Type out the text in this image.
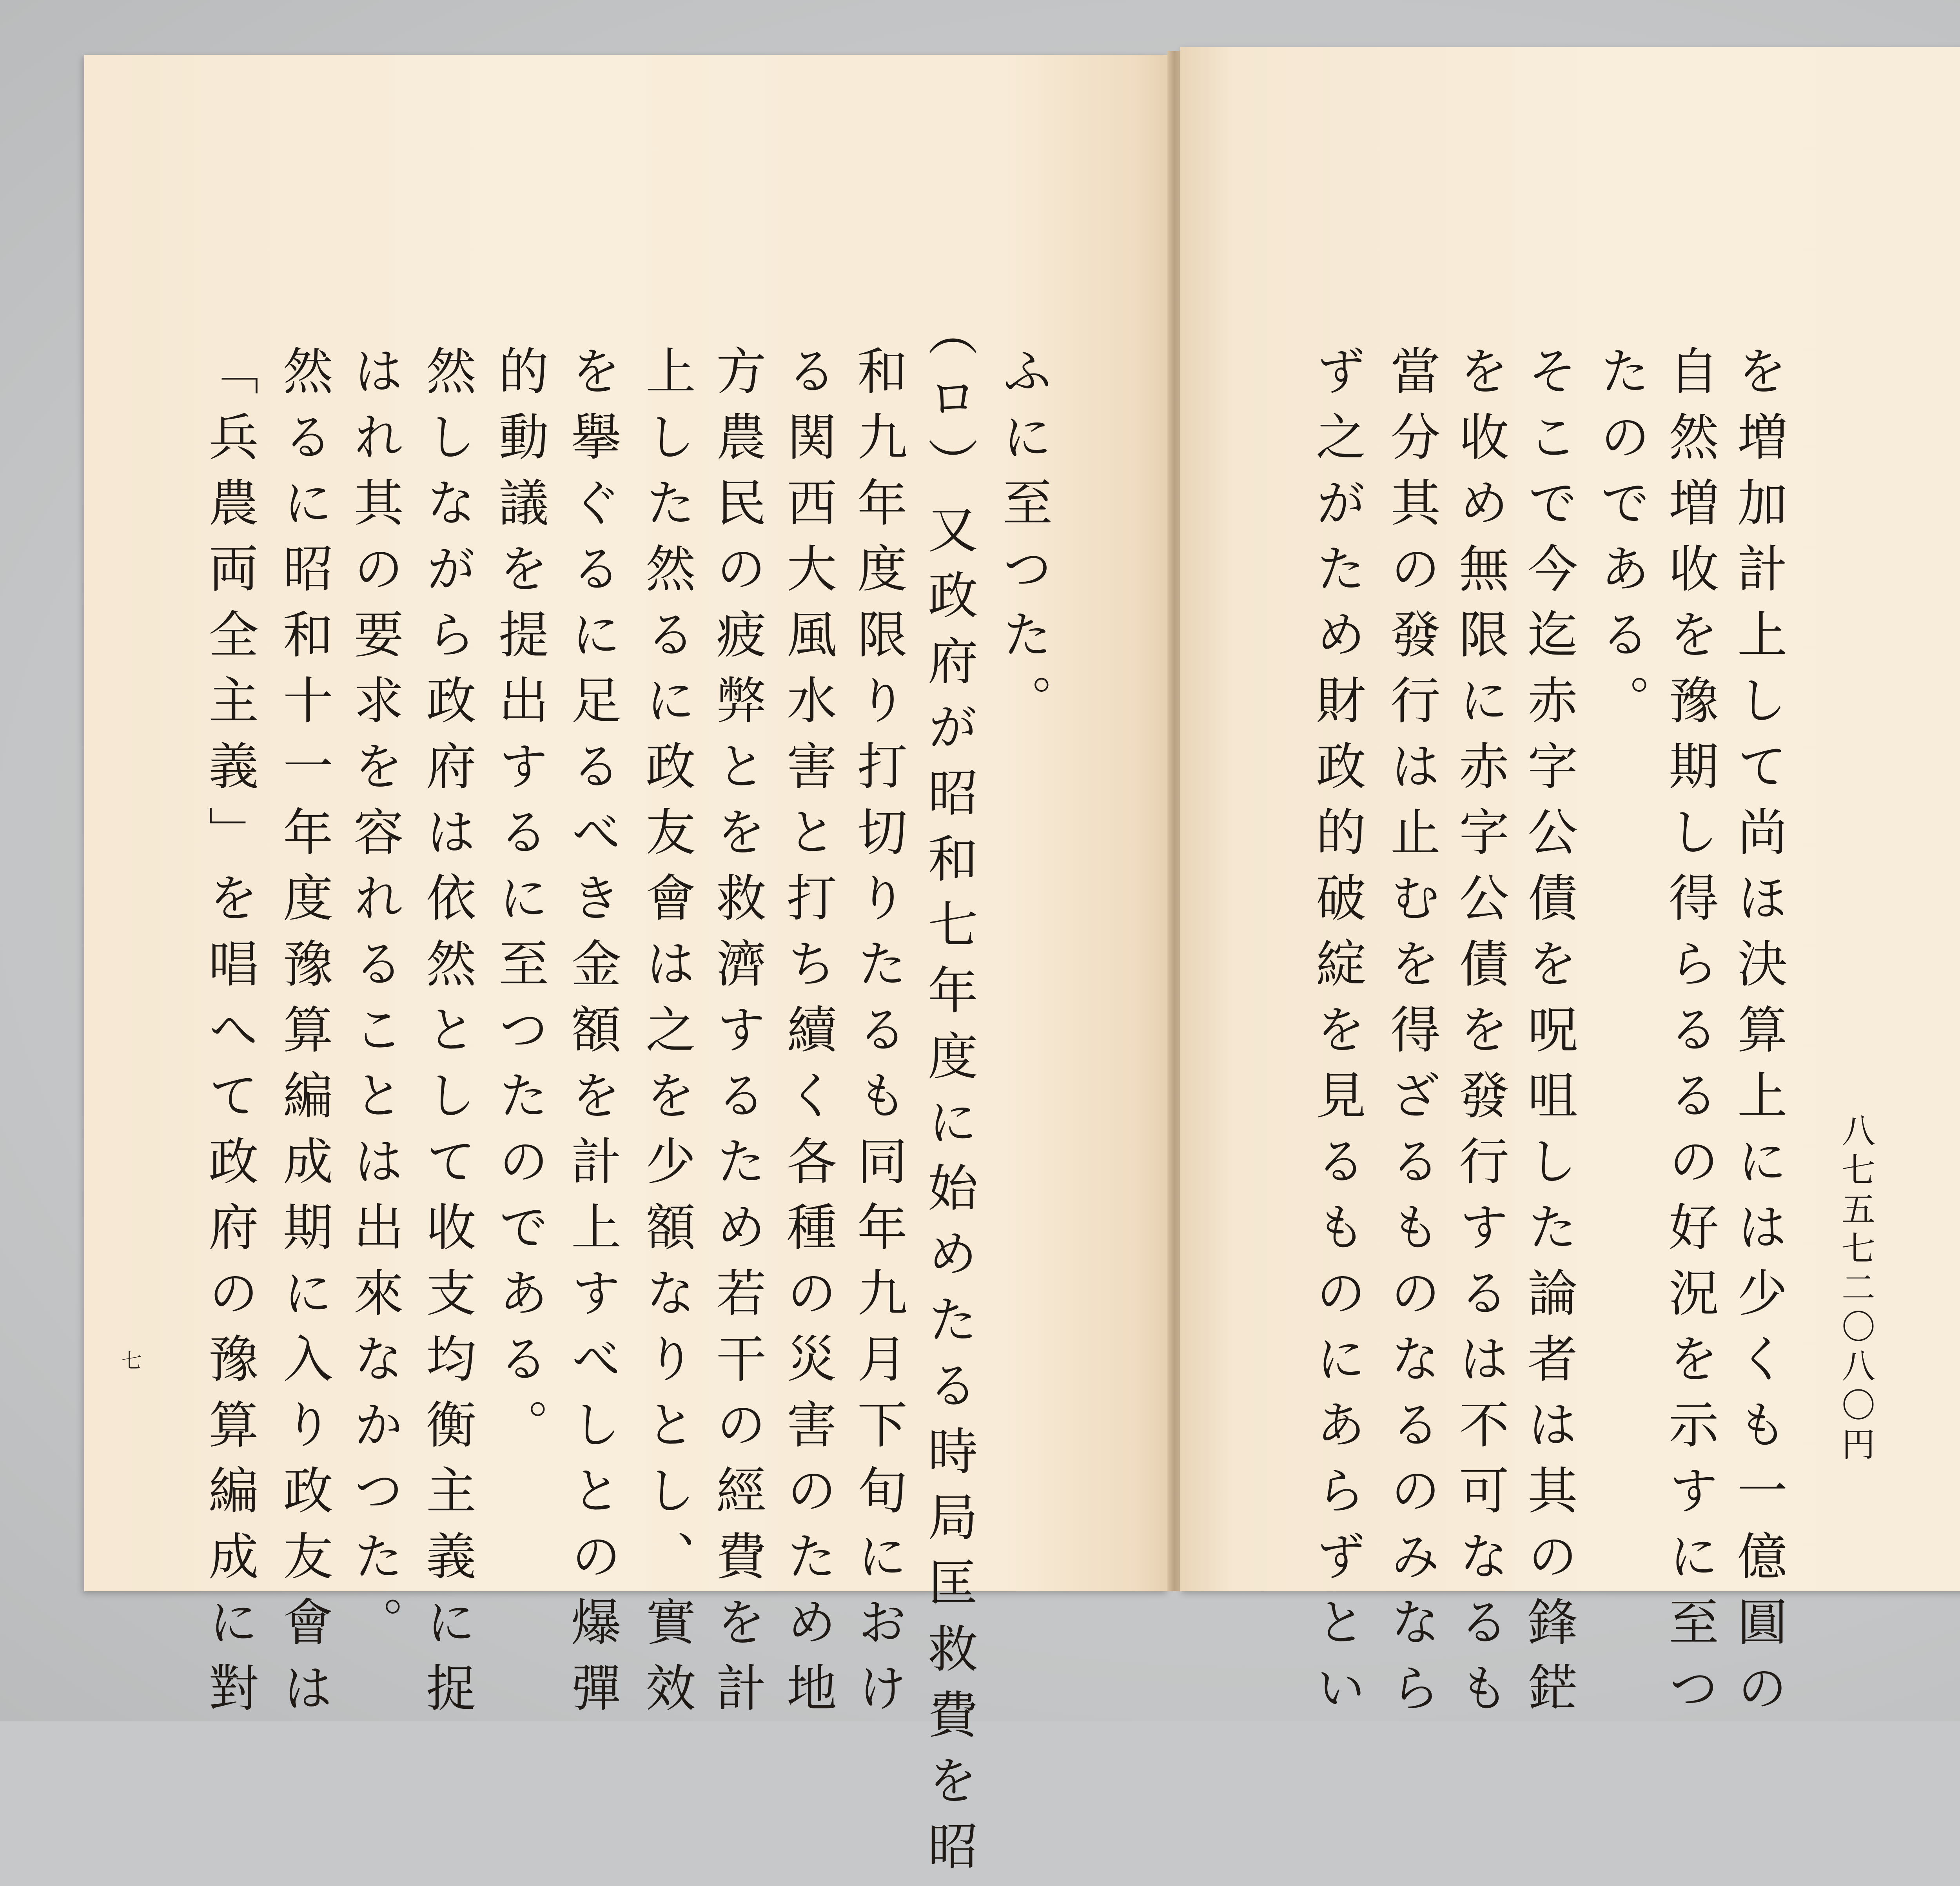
を増加計上して尚ほ決算上には少くも一億圓の
自然増收を豫期し得らるるの好況を示すに至つ
たのである。
そこで今迄赤字公債を呪咀した論者は其の鋒鋩
を收め無限に赤字公債を發行するは不可なるも
當分其の發行は止むを得ざるものなるのみなら
ず之がため財政的破綻を見るものにあらずとい	八七五七二〇八〇円
ふに至つた。
（ロ）又政府が昭和七年度に始めたる時局匡救費を昭
和九年度限り打切りたるも同年九月下旬におけ
る関西大風水害と打ち續く各種の災害のため地
方農民の疲弊とを救濟するため若干の經費を計
上した然るに政友會は之を少額なりとし、實效
を擧ぐるに足るべき金額を計上すべしとの爆彈
的動議を提出するに至つたのである。
然しながら政府は依然として收支均衡主義に捉
はれ其の要求を容れることは出來なかつた。
然るに昭和十一年度豫算編成期に入り政友會は
「兵農両全主義」を唱へて政府の豫算編成に對
七
